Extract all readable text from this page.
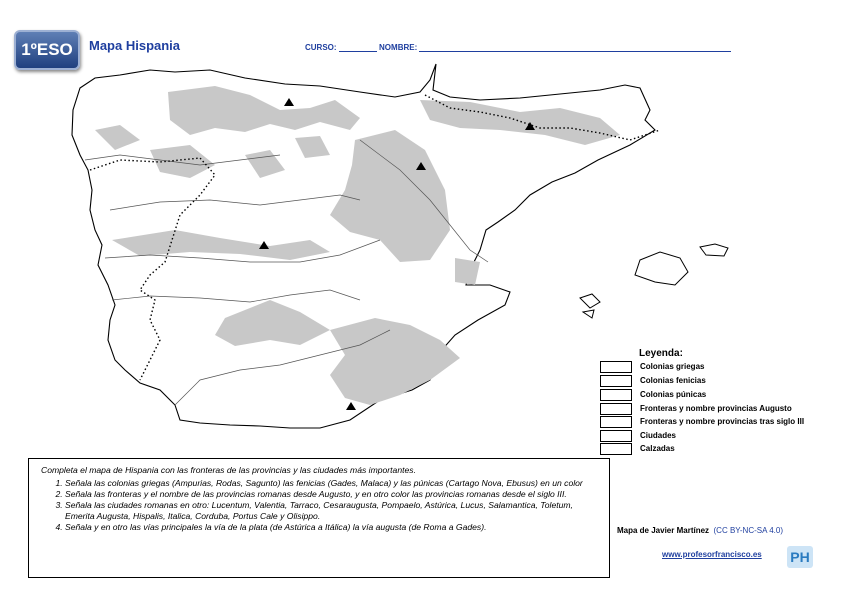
1ºESO	Mapa Hispania	CURSO:	NOMBRE:
Leyenda:
Colonias griegas
Colonias fenicias
Colonias púnicas
Fronteras y nombre provincias Augusto
Fronteras y nombre provincias tras siglo III
Ciudades
Calzadas
Completa el mapa de Hispania con las fronteras de las provincias y las ciudades más importantes.
1. Señala las colonias griegas (Ampurias, Rodas, Sagunto) las fenicias (Gades, Malaca) y las púnicas (Cartago Nova, Ebusus) en un color
2. Señala las fronteras y el nombre de las provincias romanas desde Augusto, y en otro color las provincias romanas desde el siglo III.
3. Señala las ciudades romanas en otro: Lucentum, Valentia, Tarraco, Cesaraugusta, Pompaelo, Astúrica, Lucus, Salamantica, Toletum, Emerita Augusta, Hispalis, Italica, Corduba, Portus Cale y Olisippo.
4. Señala y en otro las vías principales la vía de la plata (de Astúrica a Itálica) la vía augusta (de Roma a Gades).	Mapa de Javier Martínez (CC BY-NC-SA 4.0)
www.profesorfrancisco.es PH
